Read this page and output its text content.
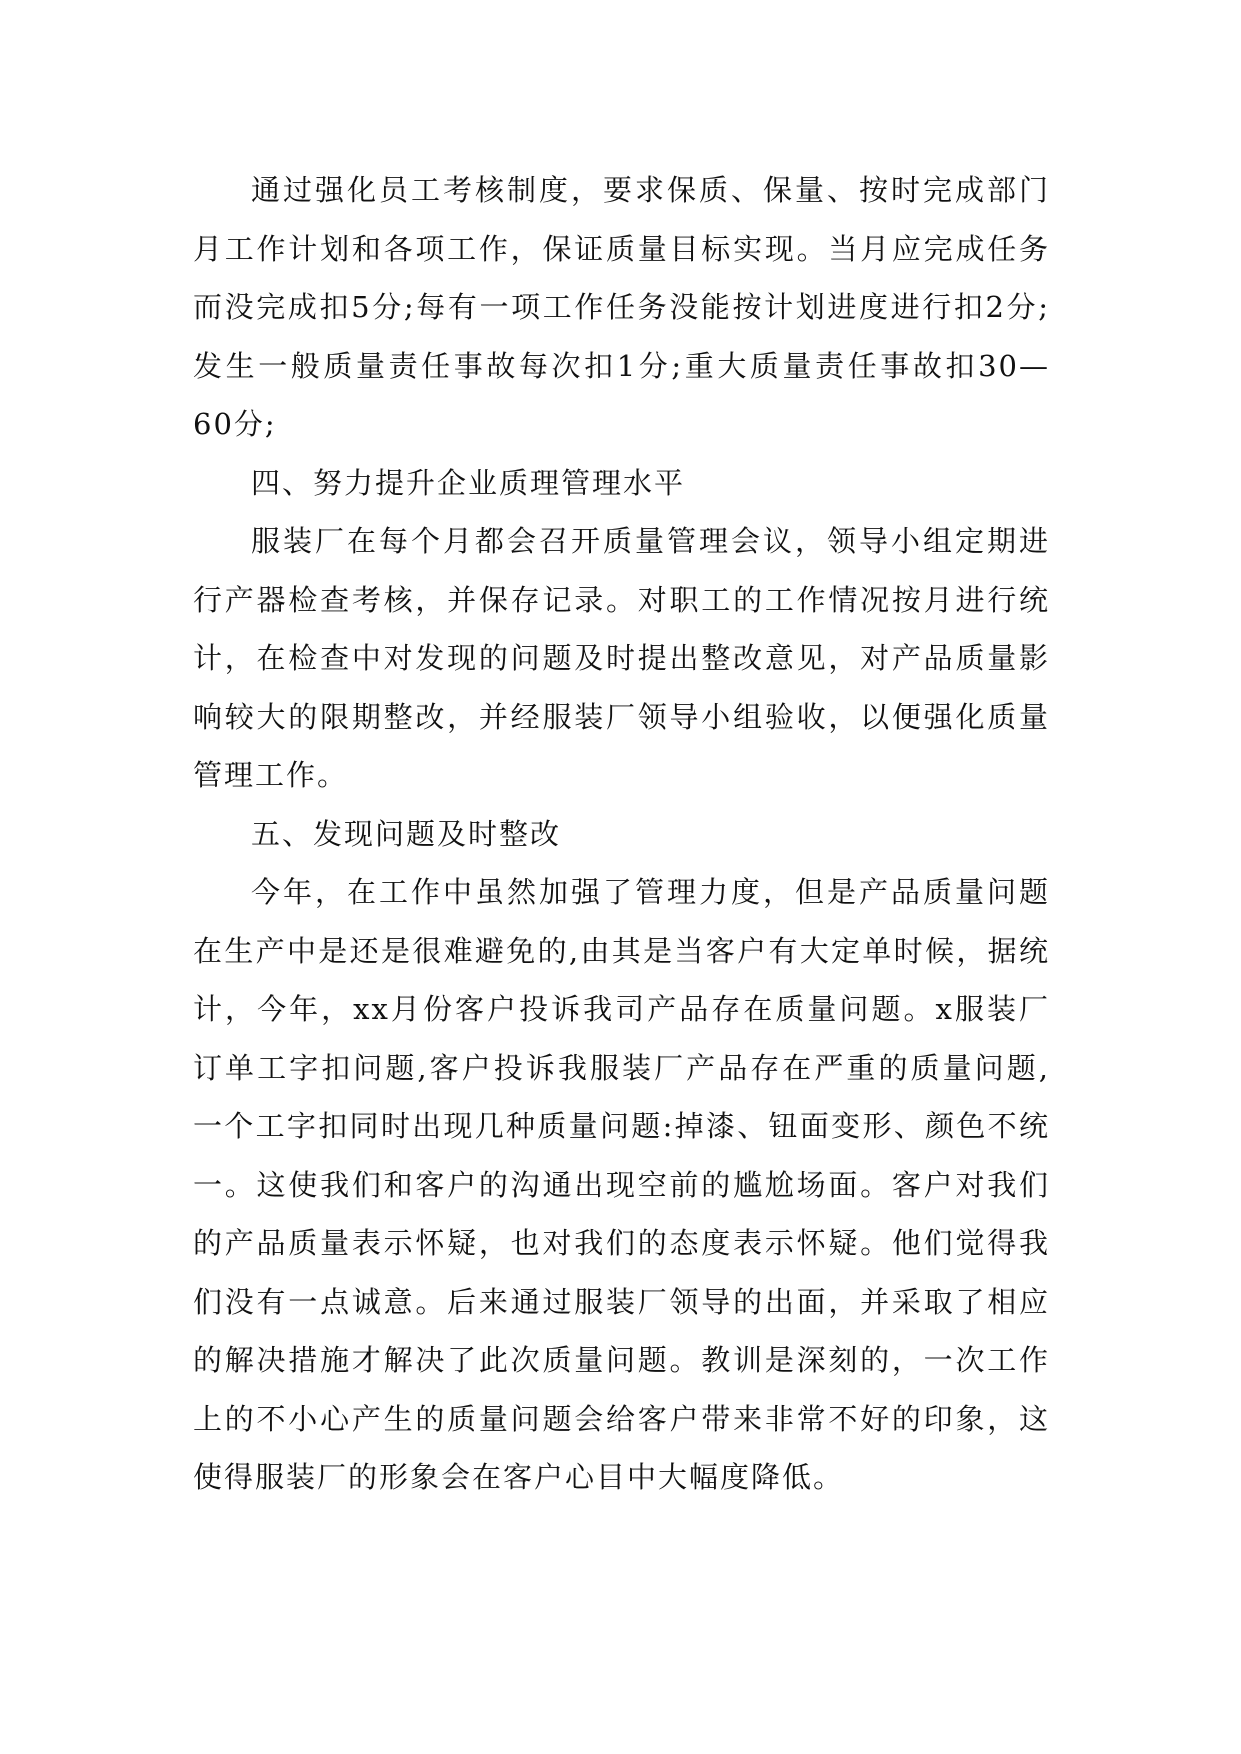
通过强化员工考核制度，要求保质、保量、按时完成部门月工作计划和各项工作，保证质量目标实现。当月应完成任务而没完成扣5分;每有一项工作任务没能按计划进度进行扣2分;发生一般质量责任事故每次扣1分;重大质量责任事故扣30—60分;

四、努力提升企业质理管理水平

服装厂在每个月都会召开质量管理会议，领导小组定期进行产器检查考核，并保存记录。对职工的工作情况按月进行统计，在检查中对发现的问题及时提出整改意见，对产品质量影响较大的限期整改，并经服装厂领导小组验收，以便强化质量管理工作。

五、发现问题及时整改

今年，在工作中虽然加强了管理力度，但是产品质量问题在生产中是还是很难避免的,由其是当客户有大定单时候，据统计，今年，xx月份客户投诉我司产品存在质量问题。x服装厂订单工字扣问题,客户投诉我服装厂产品存在严重的质量问题,一个工字扣同时出现几种质量问题:掉漆、钮面变形、颜色不统一。这使我们和客户的沟通出现空前的尴尬场面。客户对我们的产品质量表示怀疑，也对我们的态度表示怀疑。他们觉得我们没有一点诚意。后来通过服装厂领导的出面，并采取了相应的解决措施才解决了此次质量问题。教训是深刻的，一次工作上的不小心产生的质量问题会给客户带来非常不好的印象，这使得服装厂的形象会在客户心目中大幅度降低。
